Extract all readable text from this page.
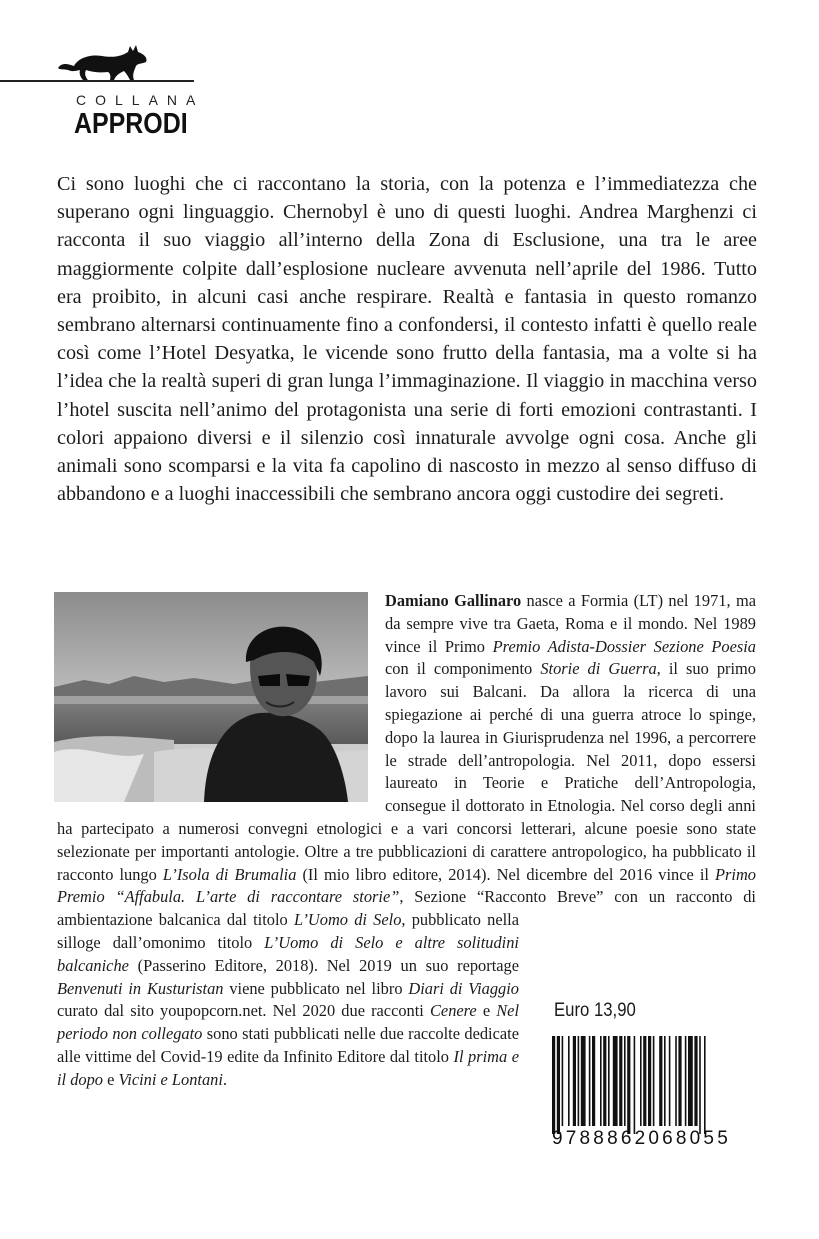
COLLANA
APPRODI

Ci sono luoghi che ci raccontano la storia, con la potenza e l’immediatezza che superano ogni linguaggio. Chernobyl è uno di questi luoghi. Andrea Marghenzi ci racconta il suo viaggio all’interno della Zona di Esclusione, una tra le aree maggiormente colpite dall’esplosione nucleare avvenuta nell’aprile del 1986. Tutto era proibito, in alcuni casi anche respirare. Realtà e fantasia in questo romanzo sembrano alternarsi continuamente fino a confondersi, il contesto infatti è quello reale così come l’Hotel Desyatka, le vicende sono frutto della fantasia, ma a volte si ha l’idea che la realtà superi di gran lunga l’immaginazione. Il viaggio in macchina verso l’hotel suscita nell’animo del protagonista una serie di forti emozioni contrastanti. I colori appaiono diversi e il silenzio così innaturale avvolge ogni cosa. Anche gli animali sono scomparsi e la vita fa capolino di nascosto in mezzo al senso diffuso di abbandono e a luoghi inaccessibili che sembrano ancora oggi custodire dei segreti.

Damiano Gallinaro nasce a Formia (LT) nel 1971, ma da sempre vive tra Gaeta, Roma e il mondo. Nel 1989 vince il Primo Premio Adista-Dossier Sezione Poesia con il componimento Storie di Guerra, il suo primo lavoro sui Balcani. Da allora la ricerca di una spiegazione ai perché di una guerra atroce lo spinge, dopo la laurea in Giurisprudenza nel 1996, a percorrere le strade dell’antropologia. Nel 2011, dopo essersi laureato in Teorie e Pratiche dell’Antropologia, consegue il dottorato in Etnologia. Nel corso degli anni ha partecipato a numerosi convegni etnologici e a vari concorsi letterari, alcune poesie sono state selezionate per importanti antologie. Oltre a tre pubblicazioni di carattere antropologico, ha pubblicato il racconto lungo L’Isola di Brumalia (Il mio libro editore, 2014). Nel dicembre del 2016 vince il Primo Premio “Affabula. L’arte di raccontare storie”, Sezione “Racconto Breve” con un racconto di ambientazione balcanica dal titolo L’Uomo di Selo, pubblicato nella silloge dall’omonimo titolo L’Uomo di Selo e altre solitudini balcaniche (Passerino Editore, 2018). Nel 2019 un suo reportage Benvenuti in Kusturistan viene pubblicato nel libro Diari di Viaggio curato dal sito youpopcorn.net. Nel 2020 due racconti Cenere e Nel periodo non collegato sono stati pubblicati nelle due raccolte dedicate alle vittime del Covid-19 edite da Infinito Editore dal titolo Il prima e il dopo e Vicini e Lontani.

Euro 13,90
9788862068055
